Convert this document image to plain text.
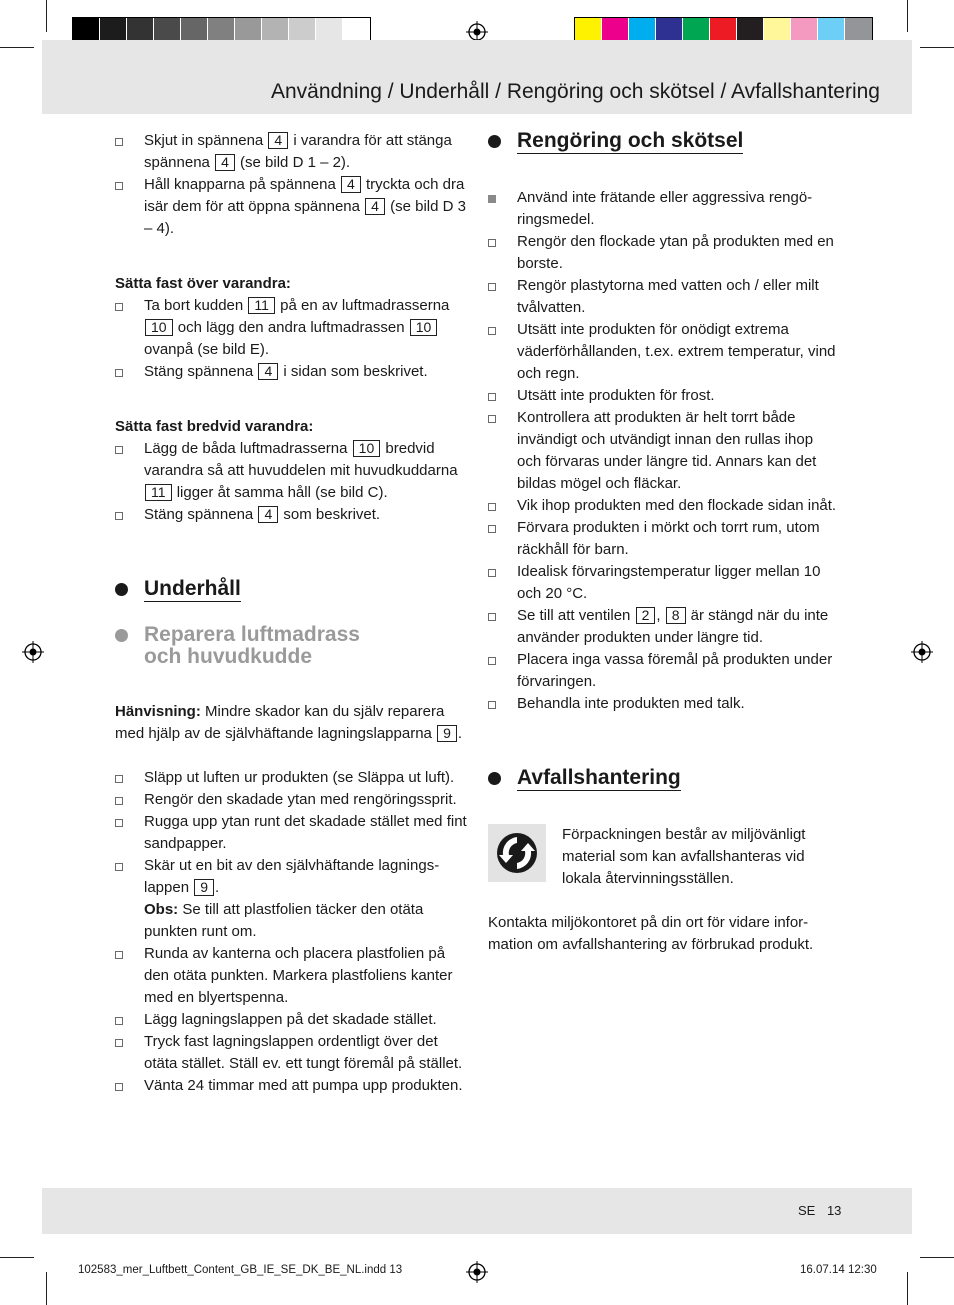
Användning / Underhåll / Rengöring och skötsel / Avfallshantering
Skjut in spännena 4 i varandra för att stänga spännena 4 (se bild D 1 – 2).
Håll knapparna på spännena 4 tryckta och dra isär dem för att öppna spännena 4 (se bild D 3 – 4).

Sätta fast över varandra:

Ta bort kudden 11 på en av luftmadrasserna 10 och lägg den andra luftmadrassen 10 ovanpå (se bild E).
Stäng spännena 4 i sidan som beskrivet.

Sätta fast bredvid varandra:

Lägg de båda luftmadrasserna 10 bredvid varandra så att huvuddelen mit huvudkuddarna 11 ligger åt samma håll (se bild C).
Stäng spännena 4 som beskrivet.
Underhåll
Reparera luftmadrass
och huvudkudde

Hänvisning: Mindre skador kan du själv reparera med hjälp av de självhäftande lagningslapparna 9 .

Släpp ut luften ur produkten (se Släppa ut luft).
Rengör den skadade ytan med rengöringssprit.
Rugga upp ytan runt det skadade stället med fint sandpapper.
Skär ut en bit av den självhäftande lagnings-lappen 9 .
Obs: Se till att plastfolien täcker den otäta punkten runt om.
Runda av kanterna och placera plastfolien på den otäta punkten. Markera plastfoliens kanter med en blyertspenna.
Lägg lagningslappen på det skadade stället.
Tryck fast lagningslappen ordentligt över det otäta stället. Ställ ev. ett tungt föremål på stället.
Vänta 24 timmar med att pumpa upp produkten.
Rengöring och skötsel
Använd inte frätande eller aggressiva rengö-ringsmedel.
Rengör den flockade ytan på produkten med en borste.
Rengör plastytorna med vatten och / eller milt tvålvatten.
Utsätt inte produkten för onödigt extrema väderförhållanden, t.ex. extrem temperatur, vind och regn.
Utsätt inte produkten för frost.
Kontrollera att produkten är helt torrt både invändigt och utvändigt innan den rullas ihop och förvaras under längre tid. Annars kan det bildas mögel och fläckar.
Vik ihop produkten med den flockade sidan inåt.
Förvara produkten i mörkt och torrt rum, utom räckhåll för barn.
Idealisk förvaringstemperatur ligger mellan 10 och 20 °C.
Se till att ventilen 2 , 8 är stängd när du inte använder produkten under längre tid.
Placera inga vassa föremål på produkten under förvaringen.
Behandla inte produkten med talk.
Avfallshantering

Förpackningen består av miljövänligt material som kan avfallshanteras vid lokala återvinningsställen.

Kontakta miljökontoret på din ort för vidare infor-mation om avfallshantering av förbrukad produkt.

SE 13
102583_mer_Luftbett_Content_GB_IE_SE_DK_BE_NL.indd 13	16.07.14 12:30
